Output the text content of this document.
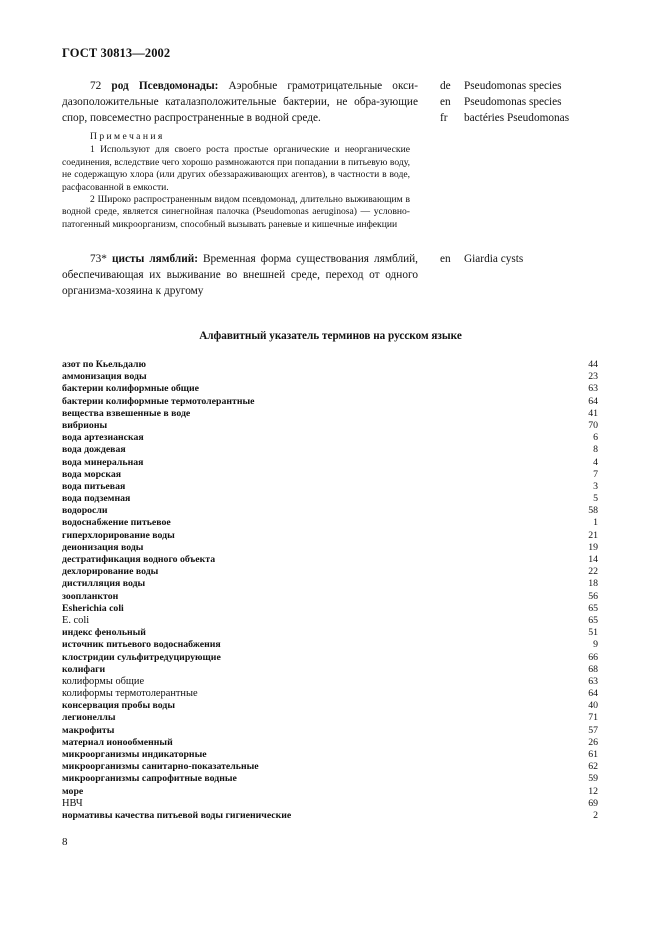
ГОСТ 30813—2002
72 род Псевдомонады: Аэробные грамотрицательные окси-дазоположительные каталазположительные бактерии, не обра-зующие спор, повсеместно распространенные в водной среде.
de	Pseudomonas species
en	Pseudomonas species
fr	bactéries Pseudomonas
Примечания
1 Используют для своего роста простые органические и неорганические соединения, вследствие чего хорошо размножаются при попадании в питьевую воду, не содержащую хлора (или других обеззараживающих агентов), в частности в воде, расфасованной в емкости.
2 Широко распространенным видом псевдомонад, длительно выживающим в водной среде, является синегнойная палочка (Pseudomonas aeruginosa) — условно-патогенный микроорганизм, способный вызывать раневые и кишечные инфекции
73* цисты лямблий: Временная форма существования лямблий, обеспечивающая их выживание во внешней среде, переход от одного организма-хозяина к другому
en	Giardia cysts
Алфавитный указатель терминов на русском языке
азот по Кьельдалю	44
аммонизация воды	23
бактерии колиформные общие	63
бактерии колиформные термотолерантные	64
вещества взвешенные в воде	41
вибрионы	70
вода артезианская	6
вода дождевая	8
вода минеральная	4
вода морская	7
вода питьевая	3
вода подземная	5
водоросли	58
водоснабжение питьевое	1
гиперхлорирование воды	21
деионизация воды	19
дестратификация водного объекта	14
дехлорирование воды	22
дистилляция воды	18
зоопланктон	56
Esherichia coli	65
E. coli	65
индекс фенольный	51
источник питьевого водоснабжения	9
клостридии сульфитредуцирующие	66
колифаги	68
колиформы общие	63
колиформы термотолерантные	64
консервация пробы воды	40
легионеллы	71
макрофиты	57
материал ионообменный	26
микроорганизмы индикаторные	61
микроорганизмы санитарно-показательные	62
микроорганизмы сапрофитные водные	59
море	12
НВЧ	69
нормативы качества питьевой воды гигиенические	2
8
